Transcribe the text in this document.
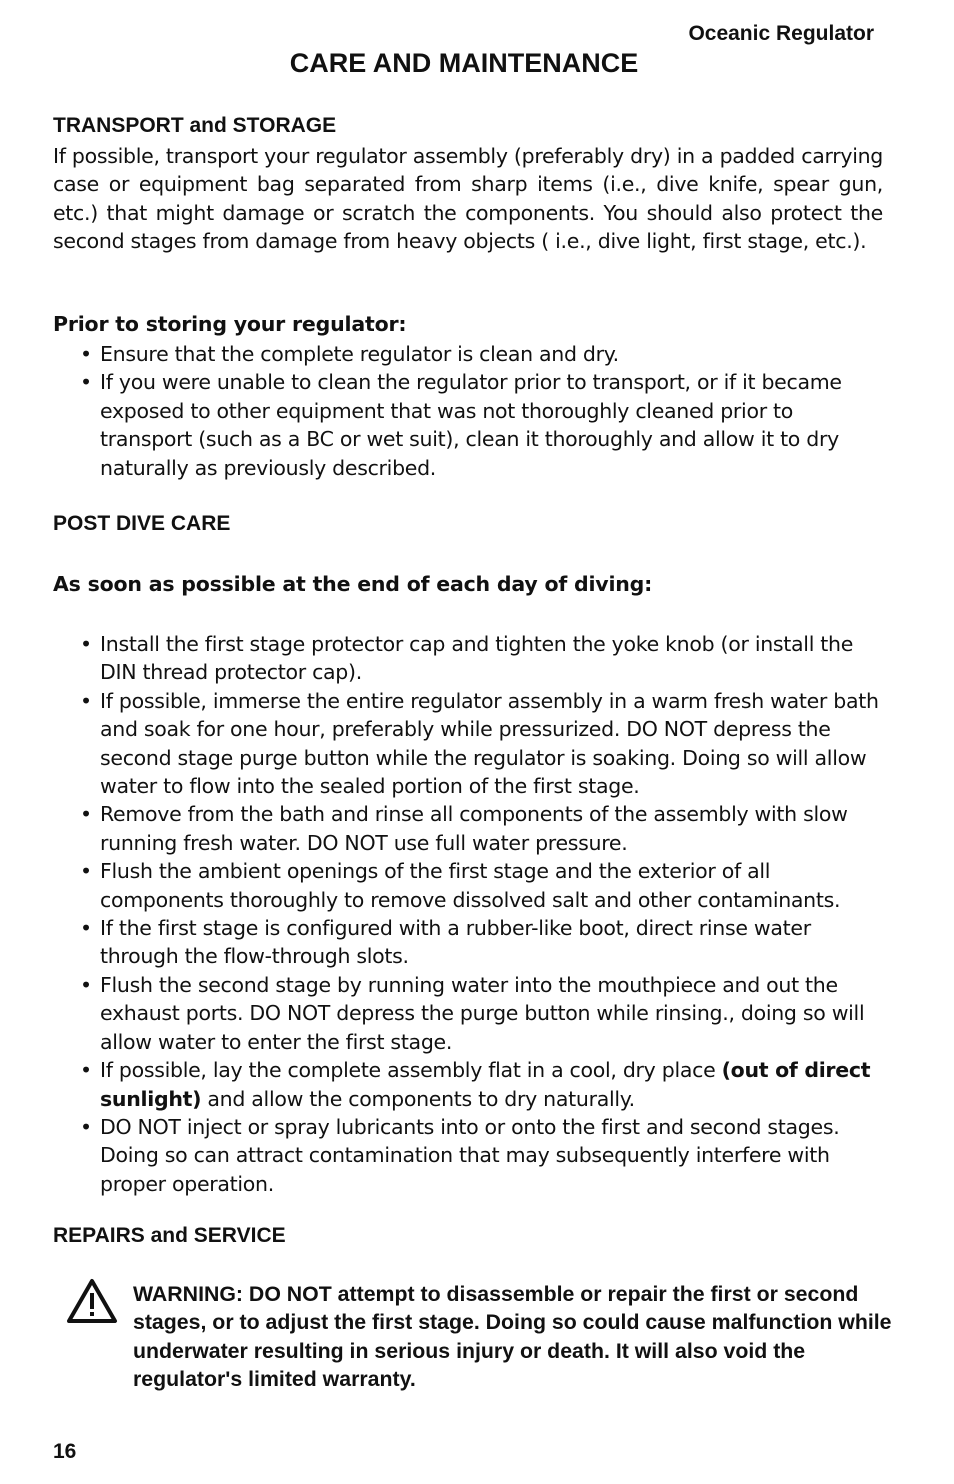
Oceanic Regulator
CARE AND MAINTENANCE
TRANSPORT and STORAGE

If possible, transport your regulator assembly (preferably dry) in a padded carrying case or equipment bag separated from sharp items (i.e., dive knife, spear gun, etc.) that might damage or scratch the components. You should also protect the second stages from damage from heavy objects ( i.e., dive light, first stage, etc.).

Prior to storing your regulator:
• Ensure that the complete regulator is clean and dry.
• If you were unable to clean the regulator prior to transport, or if it became exposed to other equipment that was not thoroughly cleaned prior to transport (such as a BC or wet suit), clean it thoroughly and allow it to dry naturally as previously described.
POST DIVE CARE
As soon as possible at the end of each day of diving:
• Install the first stage protector cap and tighten the yoke knob (or install the DIN thread protector cap).
• If possible, immerse the entire regulator assembly in a warm fresh water bath and soak for one hour, preferably while pressurized. DO NOT depress the second stage purge button while the regulator is soaking. Doing so will allow water to flow into the sealed portion of the first stage.
• Remove from the bath and rinse all components of the assembly with slow running fresh water. DO NOT use full water pressure.
• Flush the ambient openings of the first stage and the exterior of all components thoroughly to remove dissolved salt and other contaminants.
• If the first stage is configured with a rubber-like boot, direct rinse water through the flow-through slots.
• Flush the second stage by running water into the mouthpiece and out the exhaust ports. DO NOT depress the purge button while rinsing., doing so will allow water to enter the first stage.
• If possible, lay the complete assembly flat in a cool, dry place (out of direct sunlight) and allow the components to dry naturally.
• DO NOT inject or spray lubricants into or onto the first and second stages. Doing so can attract contamination that may subsequently interfere with proper operation.
REPAIRS and SERVICE

WARNING: DO NOT attempt to disassemble or repair the first or second stages, or to adjust the first stage. Doing so could cause malfunction while underwater resulting in serious injury or death. It will also void the regulator's limited warranty.

16
